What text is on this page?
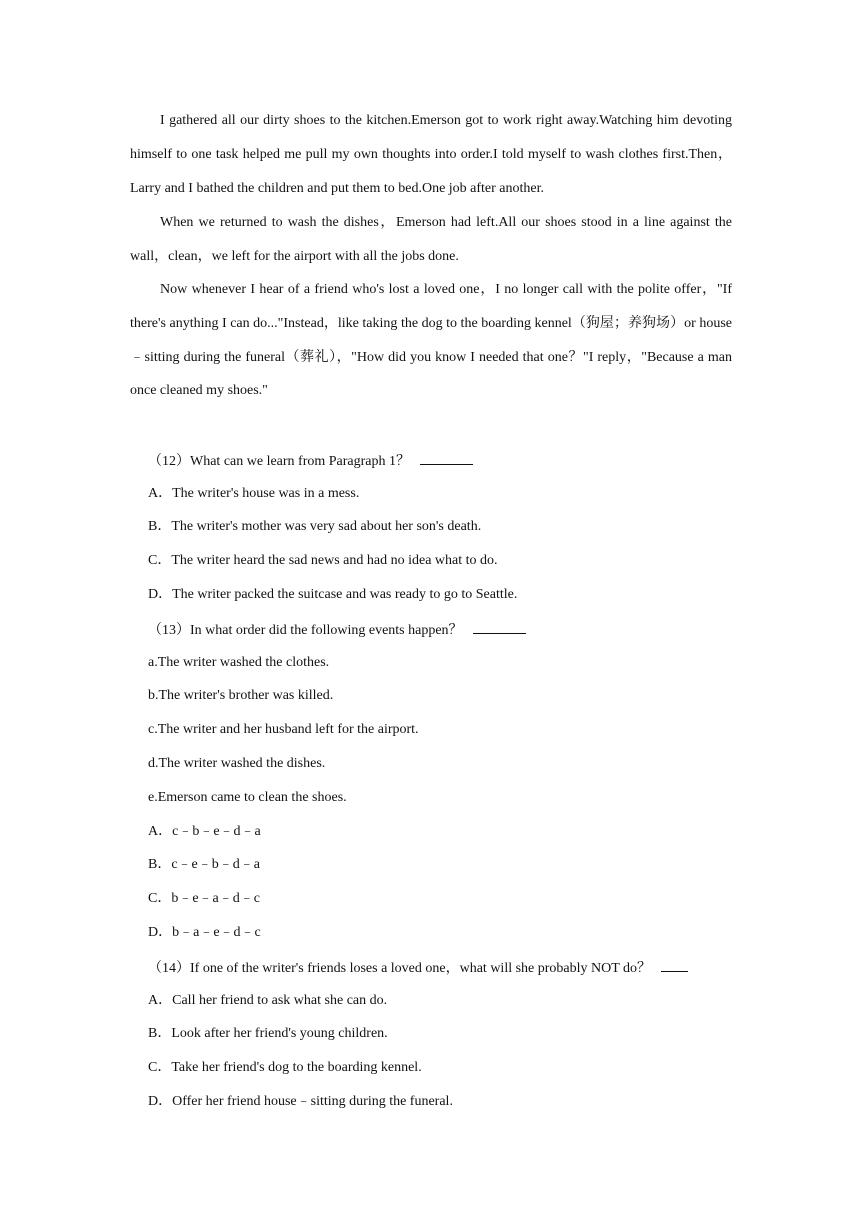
I gathered all our dirty shoes to the kitchen.Emerson got to work right away.Watching him devoting himself to one task helped me pull my own thoughts into order.I told myself to wash clothes first.Then，Larry and I bathed the children and put them to bed.One job after another.

When we returned to wash the dishes，Emerson had left.All our shoes stood in a line against the wall，clean，we left for the airport with all the jobs done.

Now whenever I hear of a friend who's lost a loved one，I no longer call with the polite offer，"If there's anything I can do..."Instead，like taking the dog to the boarding kennel（狗屋；养狗场）or house﹣sitting during the funeral（葬礼），"How did you know I needed that one？"I reply，"Because a man once cleaned my shoes."

（12）What can we learn from Paragraph 1？
A．The writer's house was in a mess.
B．The writer's mother was very sad about her son's death.
C．The writer heard the sad news and had no idea what to do.
D．The writer packed the suitcase and was ready to go to Seattle.
（13）In what order did the following events happen？
a.The writer washed the clothes.
b.The writer's brother was killed.
c.The writer and her husband left for the airport.
d.The writer washed the dishes.
e.Emerson came to clean the shoes.
A．c﹣b﹣e﹣d﹣a
B．c﹣e﹣b﹣d﹣a
C．b﹣e﹣a﹣d﹣c
D．b﹣a﹣e﹣d﹣c
（14）If one of the writer's friends loses a loved one，what will she probably NOT do？
A．Call her friend to ask what she can do.
B．Look after her friend's young children.
C．Take her friend's dog to the boarding kennel.
D．Offer her friend house﹣sitting during the funeral.
